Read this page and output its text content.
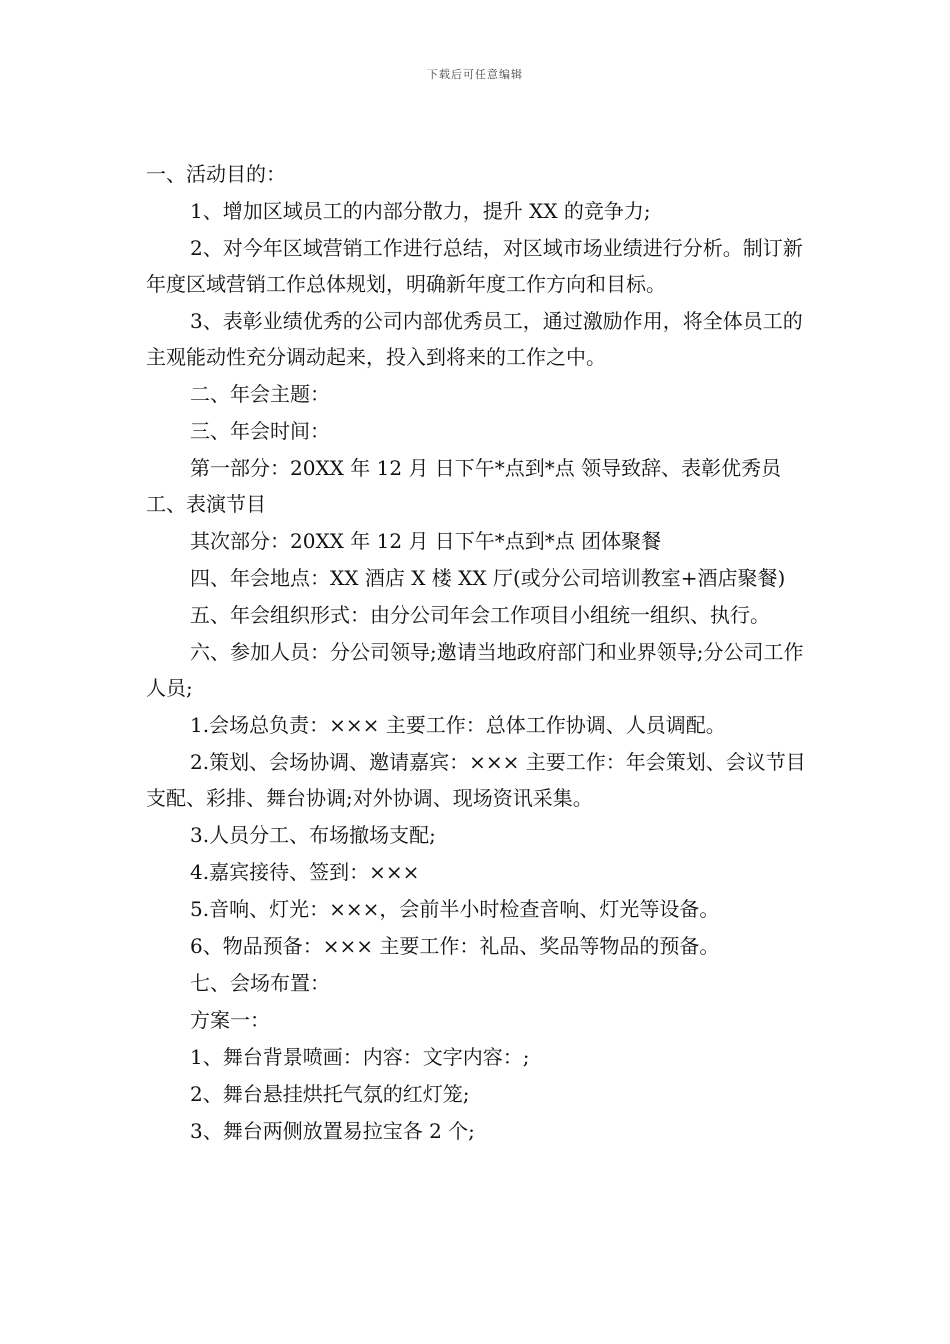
下载后可任意编辑

一、活动目的：

1、增加区域员工的内部分散力，提升 XX 的竞争力;

2、对今年区域营销工作进行总结，对区域市场业绩进行分析。制订新年度区域营销工作总体规划，明确新年度工作方向和目标。

3、表彰业绩优秀的公司内部优秀员工，通过激励作用，将全体员工的主观能动性充分调动起来，投入到将来的工作之中。

二、年会主题：

三、年会时间：

第一部分：20XX 年 12 月 日下午*点到*点 领导致辞、表彰优秀员工、表演节目

其次部分：20XX 年 12 月 日下午*点到*点 团体聚餐

四、年会地点：XX 酒店 X 楼 XX 厅(或分公司培训教室+酒店聚餐)

五、年会组织形式：由分公司年会工作项目小组统一组织、执行。

六、参加人员：分公司领导;邀请当地政府部门和业界领导;分公司工作人员;

1.会场总负责：××× 主要工作：总体工作协调、人员调配。

2.策划、会场协调、邀请嘉宾：××× 主要工作：年会策划、会议节目支配、彩排、舞台协调;对外协调、现场资讯采集。

3.人员分工、布场撤场支配;

4.嘉宾接待、签到：×××

5.音响、灯光：×××，会前半小时检查音响、灯光等设备。

6、物品预备：××× 主要工作：礼品、奖品等物品的预备。

七、会场布置：

方案一：

1、舞台背景喷画：内容：文字内容：;

2、舞台悬挂烘托气氛的红灯笼;

3、舞台两侧放置易拉宝各 2 个;
